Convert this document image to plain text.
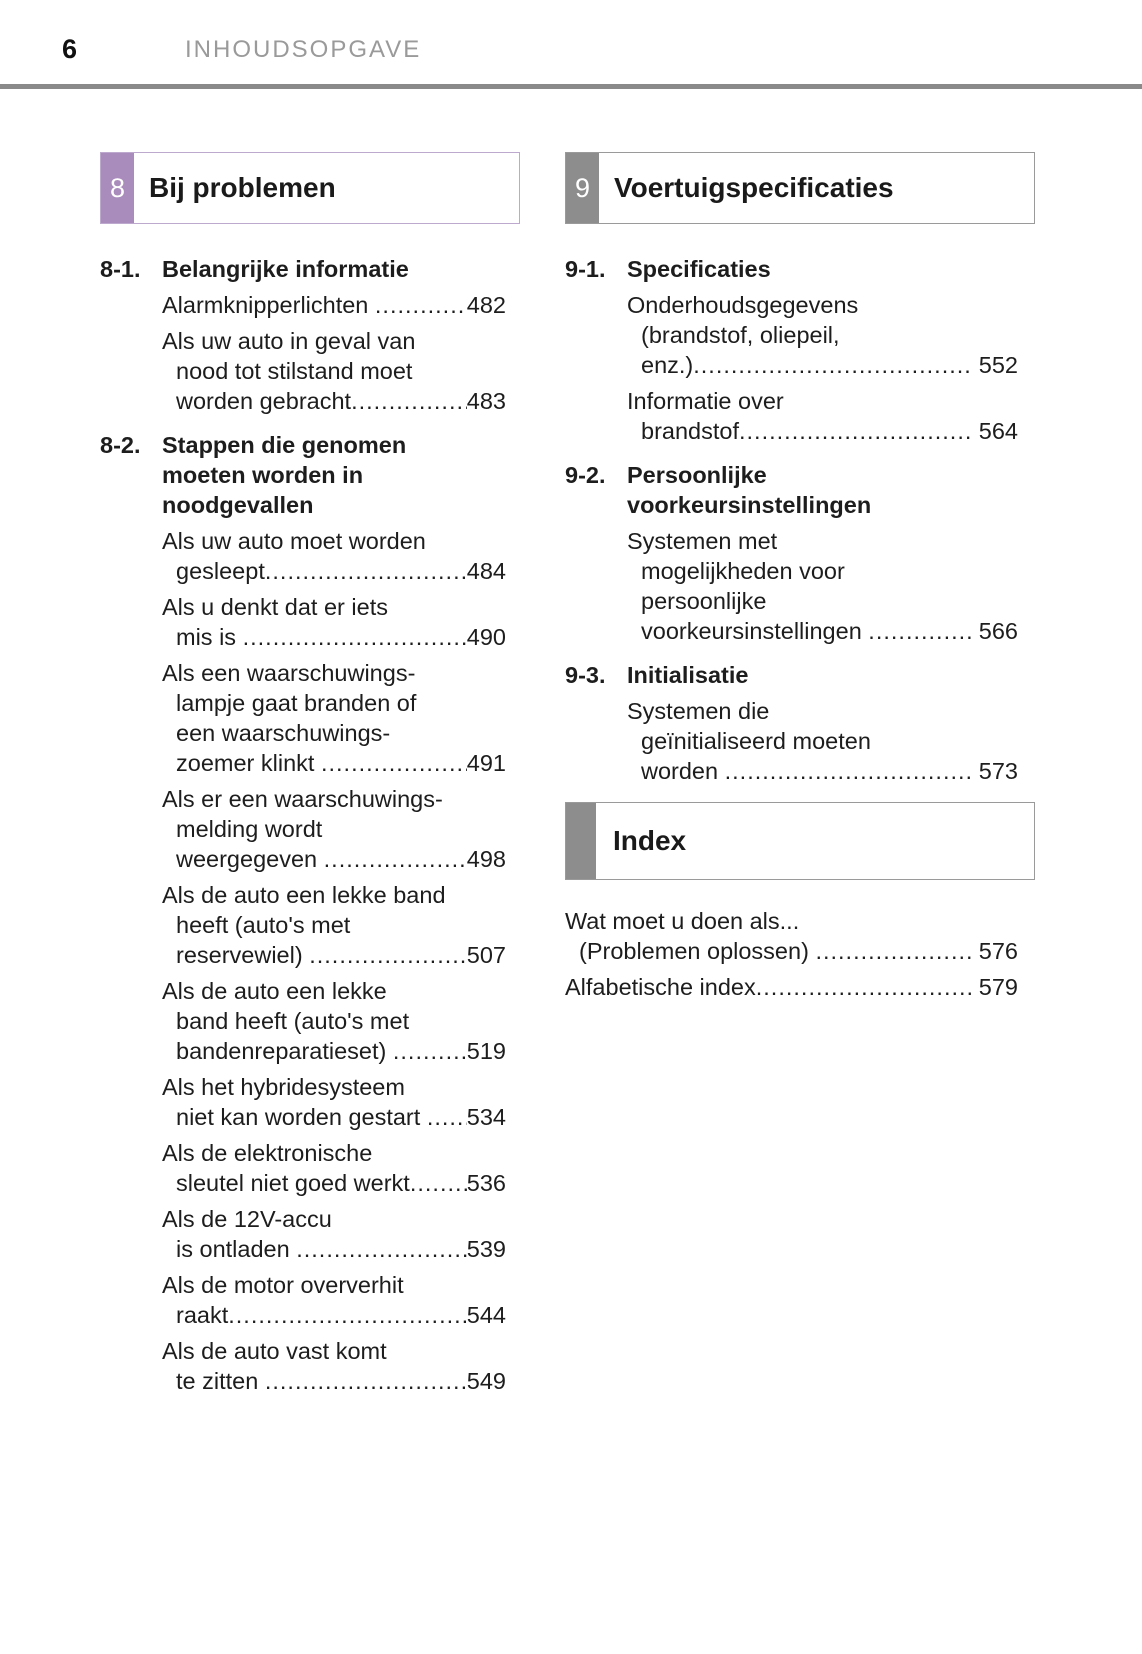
6	INHOUDSOPGAVE
8 Bij problemen
8-1. Belangrijke informatie
Alarmknipperlichten .....	482
Als uw auto in geval van
nood tot stilstand moet
worden gebracht .....	483
8-2. Stappen die genomen
moeten worden in
noodgevallen
Als uw auto moet worden
gesleept .....	484
Als u denkt dat er iets
mis is .....	490
Als een waarschuwings-
lampje gaat branden of
een waarschuwings-
zoemer klinkt .....	491
Als er een waarschuwings-
melding wordt
weergegeven .....	498
Als de auto een lekke band
heeft (auto's met
reservewiel) .....	507
Als de auto een lekke
band heeft (auto's met
bandenreparatieset) .....	519
Als het hybridesysteem
niet kan worden gestart ..... 534
Als de elektronische
sleutel niet goed werkt ..... 536
Als de 12V-accu
is ontladen .....	539
Als de motor oververhit
raakt .....	544
Als de auto vast komt
te zitten .....	549
9 Voertuigspecificaties
9-1. Specificaties
Onderhoudsgegevens
(brandstof, oliepeil,
enz.) .....	552
Informatie over
brandstof .....	564
9-2. Persoonlijke
voorkeursinstellingen
Systemen met
mogelijkheden voor
persoonlijke
voorkeursinstellingen .....	566
9-3. Initialisatie
Systemen die
geïnitialiseerd moeten
worden .....	573
Index
Wat moet u doen als...
(Problemen oplossen) .....	576
Alfabetische index .....	579
